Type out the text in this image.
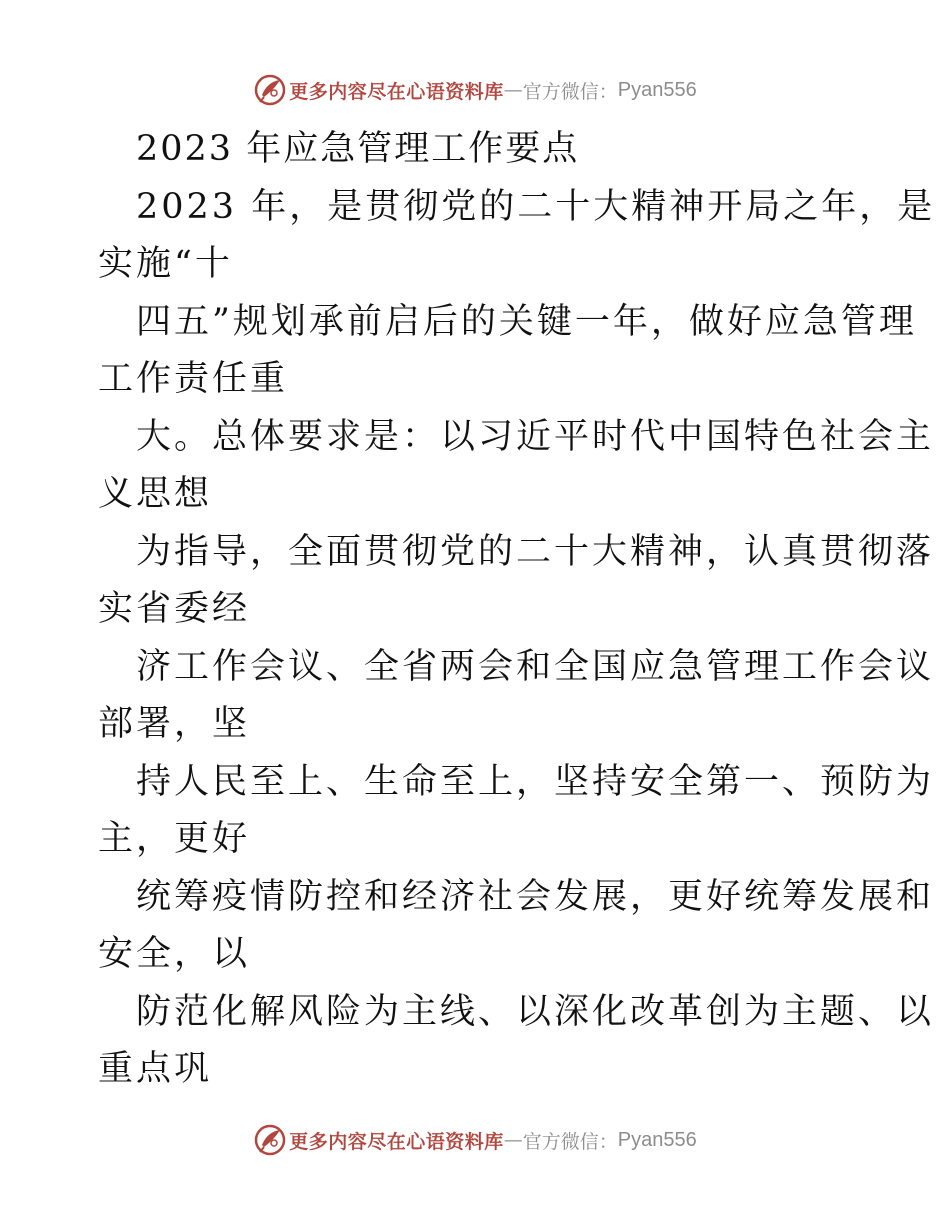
更多内容尽在心语资料库 — 官方微信： Pyan556
2023 年应急管理工作要点
2023 年，是贯彻党的二十大精神开局之年，是
实施“十
四五”规划承前启后的关键一年，做好应急管理
工作责任重
大。总体要求是：以习近平时代中国特色社会主
义思想
为指导，全面贯彻党的二十大精神，认真贯彻落
实省委经
济工作会议、全省两会和全国应急管理工作会议
部署，坚
持人民至上、生命至上，坚持安全第一、预防为
主，更好
统筹疫情防控和经济社会发展，更好统筹发展和
安全，以
防范化解风险为主线、以深化改革创为主题、以
重点巩
更多内容尽在心语资料库 — 官方微信： Pyan556
